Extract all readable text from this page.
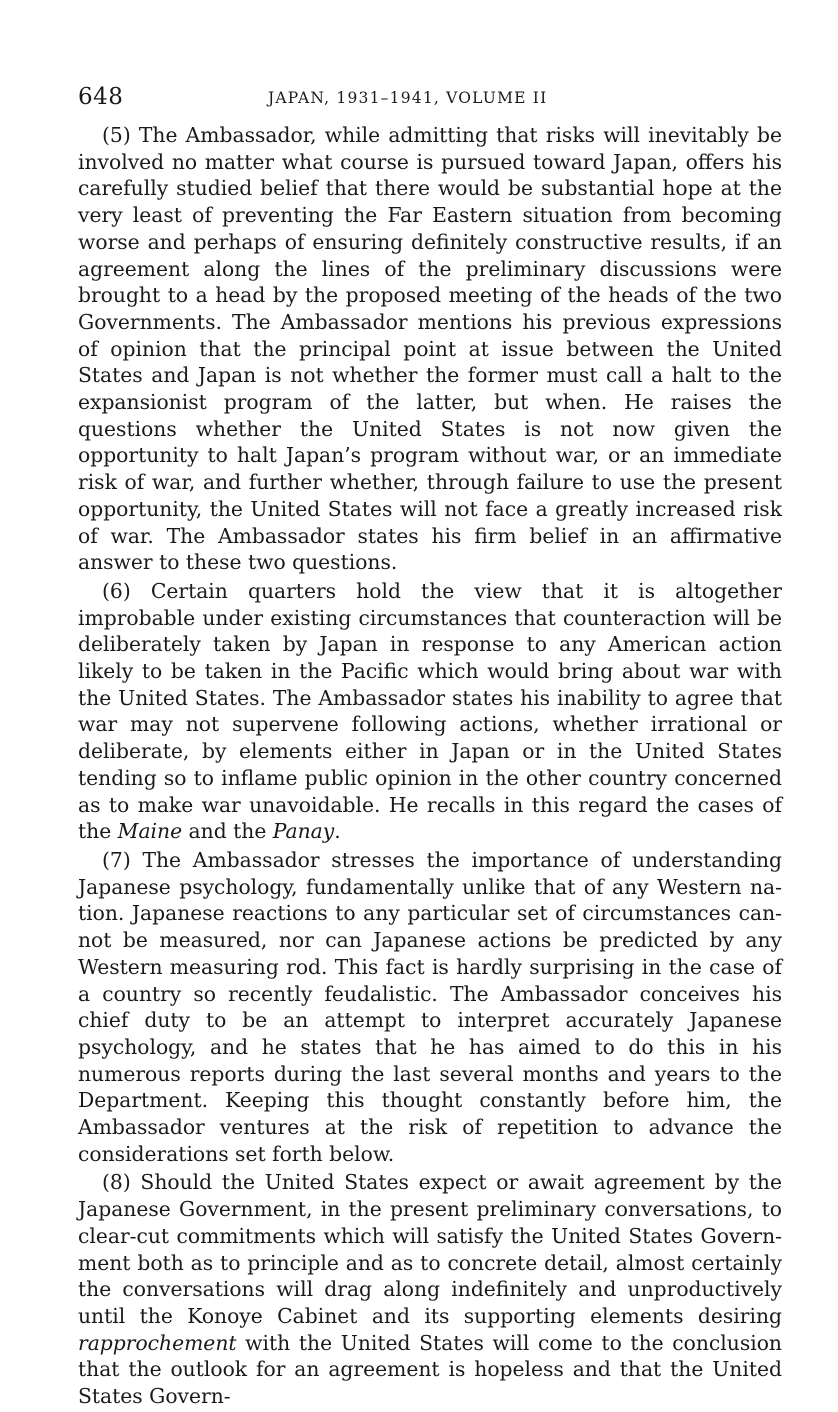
648	JAPAN, 1931–1941, VOLUME II

(5) The Ambassador, while admitting that risks will inevitably be involved no matter what course is pursued toward Japan, offers his carefully studied belief that there would be substantial hope at the very least of preventing the Far Eastern situation from becoming worse and perhaps of ensuring definitely constructive results, if an agreement along the lines of the preliminary discussions were brought to a head by the proposed meeting of the heads of the two Governments. The Ambassador mentions his previous expressions of opinion that the principal point at issue between the United States and Japan is not whether the former must call a halt to the expansionist program of the latter, but when. He raises the questions whether the United States is not now given the opportunity to halt Japan’s program without war, or an immediate risk of war, and further whether, through failure to use the present opportunity, the United States will not face a greatly increased risk of war. The Ambassador states his firm belief in an affirmative answer to these two questions.

(6) Certain quarters hold the view that it is altogether improbable under existing circumstances that counteraction will be deliberately taken by Japan in response to any American action likely to be taken in the Pacific which would bring about war with the United States. The Ambassador states his inability to agree that war may not supervene following actions, whether irrational or deliberate, by elements either in Japan or in the United States tending so to inflame public opinion in the other country concerned as to make war unavoidable. He recalls in this regard the cases of the Maine and the Panay.

(7) The Ambassador stresses the importance of understanding Japanese psychology, fundamentally unlike that of any Western nation. Japanese reactions to any particular set of circumstances cannot be measured, nor can Japanese actions be predicted by any Western measuring rod. This fact is hardly surprising in the case of a country so recently feudalistic. The Ambassador conceives his chief duty to be an attempt to interpret accurately Japanese psychology, and he states that he has aimed to do this in his numerous reports during the last several months and years to the Department. Keeping this thought constantly before him, the Ambassador ventures at the risk of repetition to advance the considerations set forth below.

(8) Should the United States expect or await agreement by the Japanese Government, in the present preliminary conversations, to clear-cut commitments which will satisfy the United States Government both as to principle and as to concrete detail, almost certainly the conversations will drag along indefinitely and unproductively until the Konoye Cabinet and its supporting elements desiring rapprochement with the United States will come to the conclusion that the outlook for an agreement is hopeless and that the United States Govern-
